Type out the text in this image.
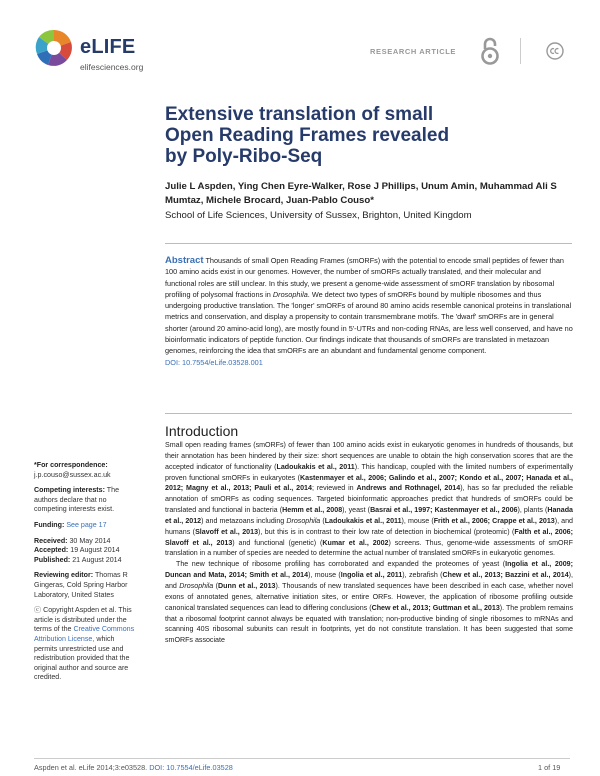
eLIFE
elifesciences.org
RESEARCH ARTICLE
Extensive translation of small Open Reading Frames revealed by Poly-Ribo-Seq
Julie L Aspden, Ying Chen Eyre-Walker, Rose J Phillips, Unum Amin, Muhammad Ali S Mumtaz, Michele Brocard, Juan-Pablo Couso*
School of Life Sciences, University of Sussex, Brighton, United Kingdom
Abstract Thousands of small Open Reading Frames (smORFs) with the potential to encode small peptides of fewer than 100 amino acids exist in our genomes. However, the number of smORFs actually translated, and their molecular and functional roles are still unclear. In this study, we present a genome-wide assessment of smORF translation by ribosomal profiling of polysomal fractions in Drosophila. We detect two types of smORFs bound by multiple ribosomes and thus undergoing productive translation. The 'longer' smORFs of around 80 amino acids resemble canonical proteins in translational metrics and conservation, and display a propensity to contain transmembrane motifs. The 'dwarf' smORFs are in general shorter (around 20 amino-acid long), are mostly found in 5'-UTRs and non-coding RNAs, are less well conserved, and have no bioinformatic indicators of peptide function. Our findings indicate that thousands of smORFs are translated in metazoan genomes, reinforcing the idea that smORFs are an abundant and fundamental genome component.
DOI: 10.7554/eLife.03528.001
Introduction

Small open reading frames (smORFs) of fewer than 100 amino acids exist in eukaryotic genomes in hundreds of thousands, but their annotation has been hindered by their size: short sequences are unable to obtain the high conservation scores that are the accepted indicator of functionality (Ladoukakis et al., 2011). This handicap, coupled with the limited numbers of experimentally proven functional smORFs in eukaryotes (Kastenmayer et al., 2006; Galindo et al., 2007; Kondo et al., 2007; Hanada et al., 2012; Magny et al., 2013; Pauli et al., 2014; reviewed in Andrews and Rothnagel, 2014), has so far precluded the reliable annotation of smORFs as coding sequences. Targeted bioinformatic approaches predict that hundreds of smORFs could be translated and functional in bacteria (Hemm et al., 2008), yeast (Basrai et al., 1997; Kastenmayer et al., 2006), plants (Hanada et al., 2012) and metazoans including Drosophila (Ladoukakis et al., 2011), mouse (Frith et al., 2006; Crappe et al., 2013), and humans (Slavoff et al., 2013), but this is in contrast to their low rate of detection in biochemical (proteomic) (Falth et al., 2006; Slavoff et al., 2013) and functional (genetic) (Kumar et al., 2002) screens. Thus, genome-wide assessments of smORF translation in a number of species are needed to determine the actual number of translated smORFs in eukaryotic genomes.

The new technique of ribosome profiling has corroborated and expanded the proteomes of yeast (Ingolia et al., 2009; Duncan and Mata, 2014; Smith et al., 2014), mouse (Ingolia et al., 2011), zebrafish (Chew et al., 2013; Bazzini et al., 2014), and Drosophila (Dunn et al., 2013). Thousands of new translated sequences have been described in each case, whether novel exons of annotated genes, alternative initiation sites, or entire ORFs. However, the application of ribosome profiling outside canonical translated sequences can lead to differing conclusions (Chew et al., 2013; Guttman et al., 2013). The problem remains that a ribosomal footprint cannot always be equated with translation; non-productive binding of single ribosomes to mRNAs and scanning 40S ribosomal subunits can result in footprints, yet do not constitute translation. It has been suggested that some smORFs associate

*For correspondence:
j.p.couso@sussex.ac.uk
Competing interests: The authors declare that no competing interests exist.
Funding: See page 17
Received: 30 May 2014
Accepted: 19 August 2014
Published: 21 August 2014
Reviewing editor: Thomas R Gingeras, Cold Spring Harbor Laboratory, United States
ⓒ Copyright Aspden et al. This article is distributed under the terms of the Creative Commons Attribution License, which permits unrestricted use and redistribution provided that the original author and source are credited.
Aspden et al. eLife 2014;3:e03528. DOI: 10.7554/eLife.03528	1 of 19
